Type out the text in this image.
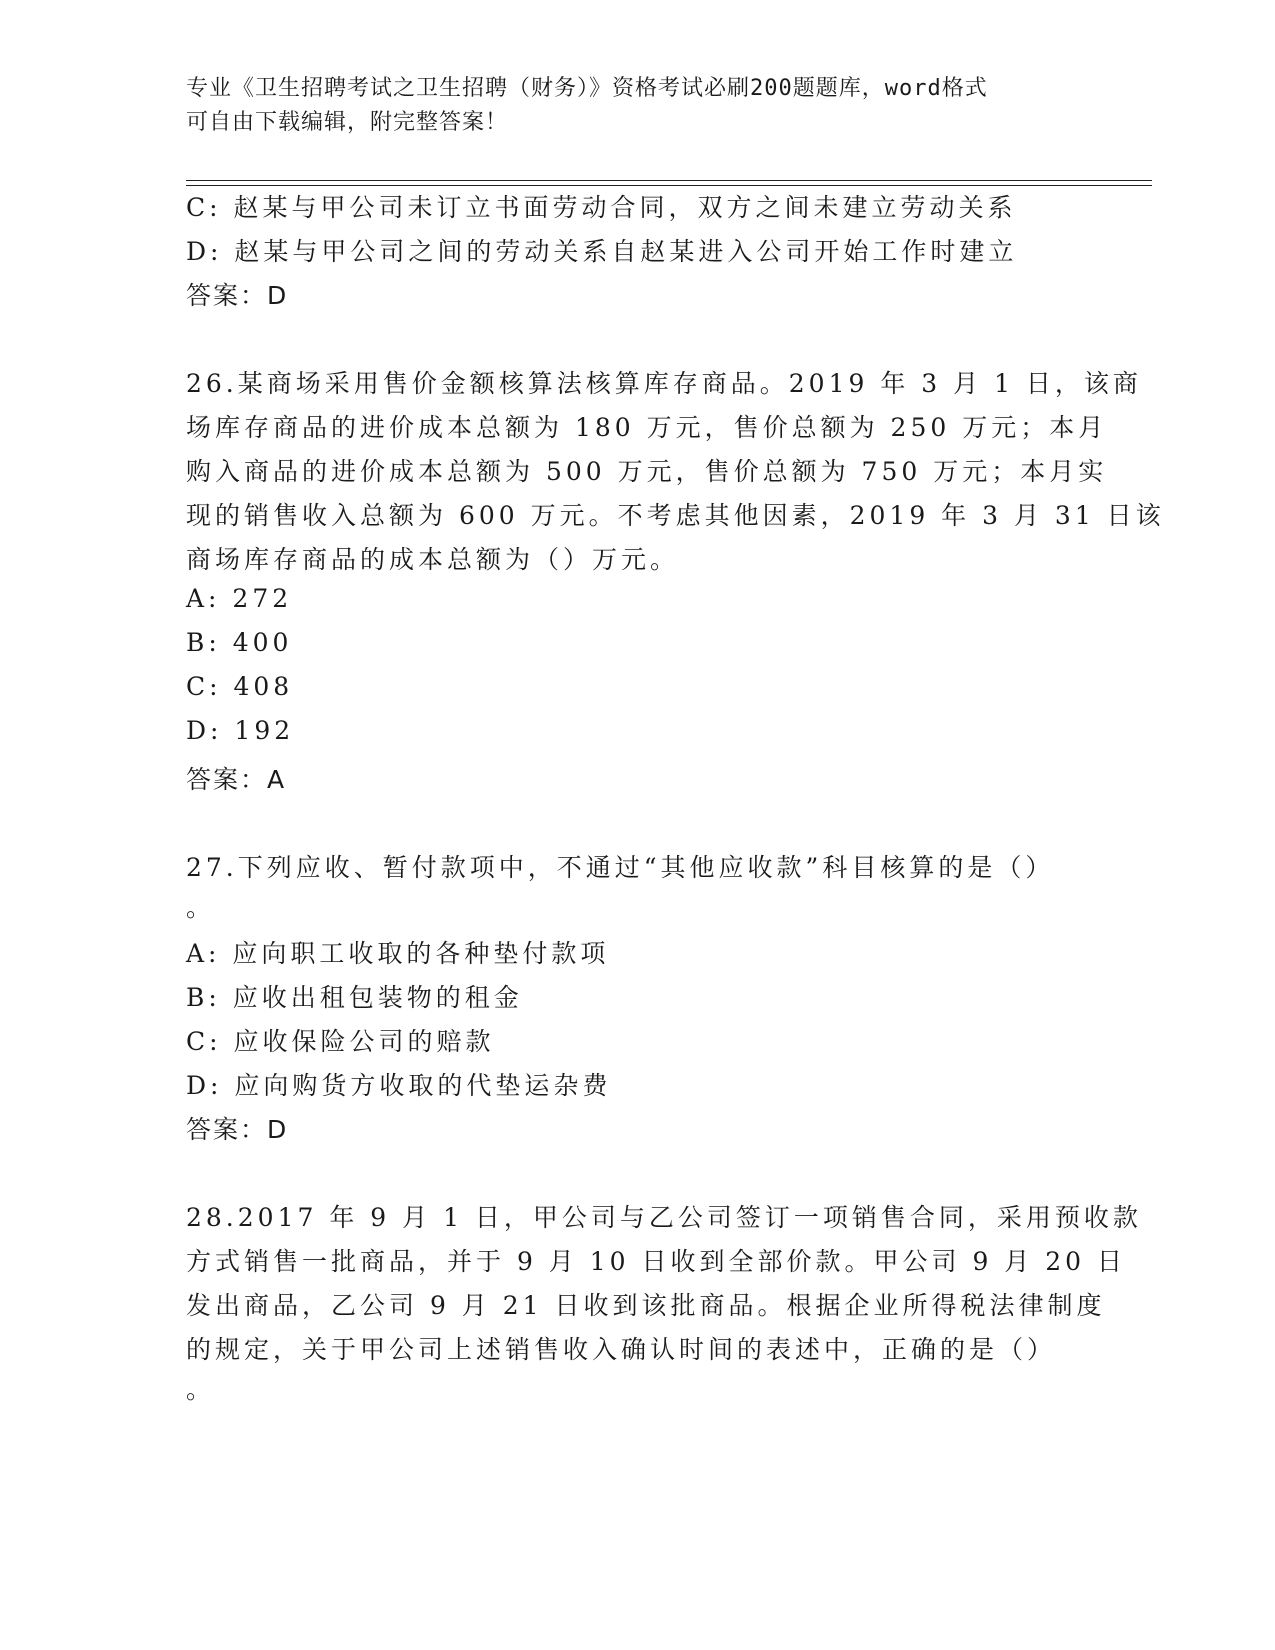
专业《卫生招聘考试之卫生招聘（财务）》资格考试必刷200题题库，word格式
可自由下载编辑，附完整答案！
C: 赵某与甲公司未订立书面劳动合同，双方之间未建立劳动关系
D: 赵某与甲公司之间的劳动关系自赵某进入公司开始工作时建立
答案：D
26.某商场采用售价金额核算法核算库存商品。2019 年 3 月 1 日，该商
场库存商品的进价成本总额为 180 万元，售价总额为 250 万元；本月
购入商品的进价成本总额为 500 万元，售价总额为 750 万元；本月实
现的销售收入总额为 600 万元。不考虑其他因素，2019 年 3 月 31 日该
商场库存商品的成本总额为（）万元。
A: 272
B: 400
C: 408
D: 192
答案：A
27.下列应收、暂付款项中，不通过“其他应收款”科目核算的是（）
。
A: 应向职工收取的各种垫付款项
B: 应收出租包装物的租金
C: 应收保险公司的赔款
D: 应向购货方收取的代垫运杂费
答案：D
28.2017 年 9 月 1 日，甲公司与乙公司签订一项销售合同，采用预收款
方式销售一批商品，并于 9 月 10 日收到全部价款。甲公司 9 月 20 日
发出商品，乙公司 9 月 21 日收到该批商品。根据企业所得税法律制度
的规定，关于甲公司上述销售收入确认时间的表述中，正确的是（）
。
